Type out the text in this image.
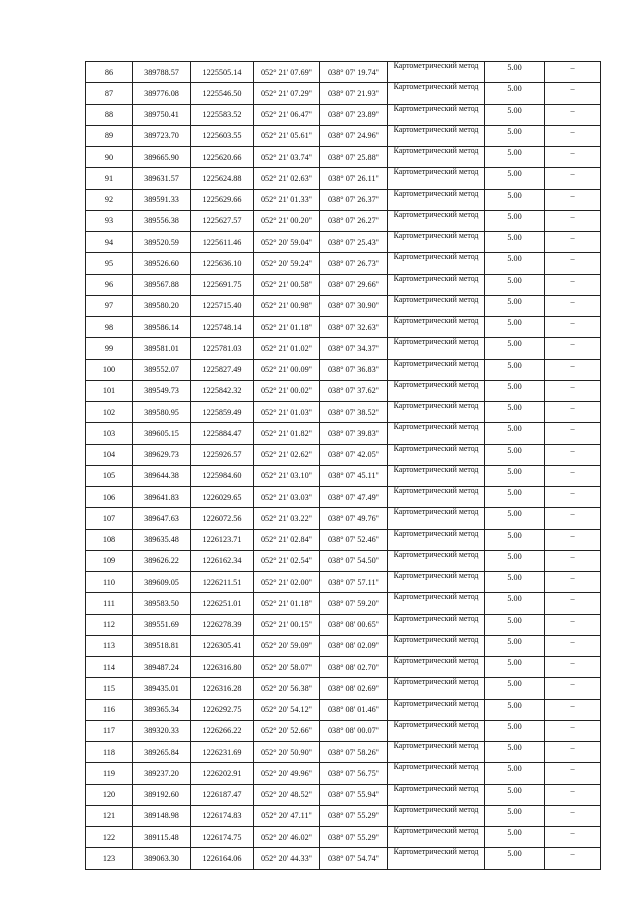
86	389788.57	1225505.14	052° 21' 07.69"	038° 07' 19.74"	Картометрический метод	5.00	–
87	389776.08	1225546.50	052° 21' 07.29"	038° 07' 21.93"	Картометрический метод	5.00	–
88	389750.41	1225583.52	052° 21' 06.47"	038° 07' 23.89"	Картометрический метод	5.00	–
89	389723.70	1225603.55	052° 21' 05.61"	038° 07' 24.96"	Картометрический метод	5.00	–
90	389665.90	1225620.66	052° 21' 03.74"	038° 07' 25.88"	Картометрический метод	5.00	–
91	389631.57	1225624.88	052° 21' 02.63"	038° 07' 26.11"	Картометрический метод	5.00	–
92	389591.33	1225629.66	052° 21' 01.33"	038° 07' 26.37"	Картометрический метод	5.00	–
93	389556.38	1225627.57	052° 21' 00.20"	038° 07' 26.27"	Картометрический метод	5.00	–
94	389520.59	1225611.46	052° 20' 59.04"	038° 07' 25.43"	Картометрический метод	5.00	–
95	389526.60	1225636.10	052° 20' 59.24"	038° 07' 26.73"	Картометрический метод	5.00	–
96	389567.88	1225691.75	052° 21' 00.58"	038° 07' 29.66"	Картометрический метод	5.00	–
97	389580.20	1225715.40	052° 21' 00.98"	038° 07' 30.90"	Картометрический метод	5.00	–
98	389586.14	1225748.14	052° 21' 01.18"	038° 07' 32.63"	Картометрический метод	5.00	–
99	389581.01	1225781.03	052° 21' 01.02"	038° 07' 34.37"	Картометрический метод	5.00	–
100	389552.07	1225827.49	052° 21' 00.09"	038° 07' 36.83"	Картометрический метод	5.00	–
101	389549.73	1225842.32	052° 21' 00.02"	038° 07' 37.62"	Картометрический метод	5.00	–
102	389580.95	1225859.49	052° 21' 01.03"	038° 07' 38.52"	Картометрический метод	5.00	–
103	389605.15	1225884.47	052° 21' 01.82"	038° 07' 39.83"	Картометрический метод	5.00	–
104	389629.73	1225926.57	052° 21' 02.62"	038° 07' 42.05"	Картометрический метод	5.00	–
105	389644.38	1225984.60	052° 21' 03.10"	038° 07' 45.11"	Картометрический метод	5.00	–
106	389641.83	1226029.65	052° 21' 03.03"	038° 07' 47.49"	Картометрический метод	5.00	–
107	389647.63	1226072.56	052° 21' 03.22"	038° 07' 49.76"	Картометрический метод	5.00	–
108	389635.48	1226123.71	052° 21' 02.84"	038° 07' 52.46"	Картометрический метод	5.00	–
109	389626.22	1226162.34	052° 21' 02.54"	038° 07' 54.50"	Картометрический метод	5.00	–
110	389609.05	1226211.51	052° 21' 02.00"	038° 07' 57.11"	Картометрический метод	5.00	–
111	389583.50	1226251.01	052° 21' 01.18"	038° 07' 59.20"	Картометрический метод	5.00	–
112	389551.69	1226278.39	052° 21' 00.15"	038° 08' 00.65"	Картометрический метод	5.00	–
113	389518.81	1226305.41	052° 20' 59.09"	038° 08' 02.09"	Картометрический метод	5.00	–
114	389487.24	1226316.80	052° 20' 58.07"	038° 08' 02.70"	Картометрический метод	5.00	–
115	389435.01	1226316.28	052° 20' 56.38"	038° 08' 02.69"	Картометрический метод	5.00	–
116	389365.34	1226292.75	052° 20' 54.12"	038° 08' 01.46"	Картометрический метод	5.00	–
117	389320.33	1226266.22	052° 20' 52.66"	038° 08' 00.07"	Картометрический метод	5.00	–
118	389265.84	1226231.69	052° 20' 50.90"	038° 07' 58.26"	Картометрический метод	5.00	–
119	389237.20	1226202.91	052° 20' 49.96"	038° 07' 56.75"	Картометрический метод	5.00	–
120	389192.60	1226187.47	052° 20' 48.52"	038° 07' 55.94"	Картометрический метод	5.00	–
121	389148.98	1226174.83	052° 20' 47.11"	038° 07' 55.29"	Картометрический метод	5.00	–
122	389115.48	1226174.75	052° 20' 46.02"	038° 07' 55.29"	Картометрический метод	5.00	–
123	389063.30	1226164.06	052° 20' 44.33"	038° 07' 54.74"	Картометрический метод	5.00	–
